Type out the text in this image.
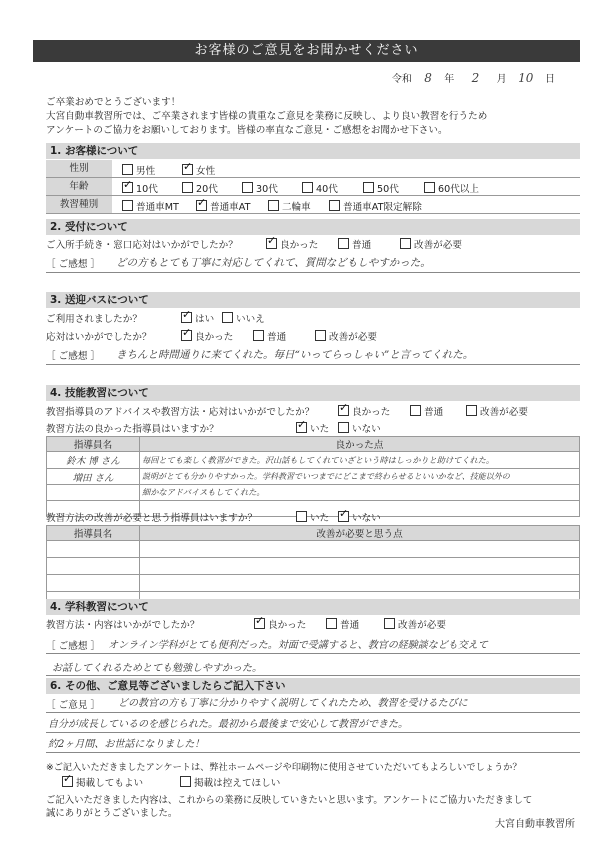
お客様のご意見をお聞かせください
令和 8 年 2 月 10 日
ご卒業おめでとうございます！
大宮自動車教習所では、ご卒業されます皆様の貴重なご意見を業務に反映し、より良い教習を行うため
アンケートのご協力をお願いしております。皆様の率直なご意見・ご感想をお聞かせ下さい。
1. お客様について
性別	男性 ✓	女性
年齢 ✓	10代	20代	30代	40代	50代	60代以上
教習種別	普通車MT ✓	普通車AT	二輪車	普通車AT限定解除
2. 受付について
ご入所手続き・窓口応対はいかがでしたか？ ✓	良かった	普通	改善が必要
［ ご感想 ］ どの方もとても丁寧に対応してくれて、質問などもしやすかった。
3. 送迎バスについて
ご利用されましたか？ ✓	はい	いいえ
応対はいかがでしたか？ ✓	良かった	普通	改善が必要
［ ご感想 ］ きちんと時間通りに来てくれた。毎日“いってらっしゃい”と言ってくれた。
4. 技能教習について
教習指導員のアドバイスや教習方法・応対はいかがでしたか？ ✓	良かった	普通	改善が必要
教習方法の良かった指導員はいますか？ ✓	いた	いない
指導員名	良かった点
鈴木 博 さん	毎回とても楽しく教習ができた。沢山話もしてくれていざという時はしっかりと助けてくれた。
増田 さん	説明がとても分かりやすかった。学科教習でいつまでにどこまで終わらせるといいかなど、技能以外の
	細かなアドバイスもしてくれた。

教習方法の改善が必要と思う指導員はいますか？	いた ✓	いない
指導員名	改善が必要と思う点

4. 学科教習について
教習方法・内容はいかがでしたか？ ✓	良かった	普通	改善が必要
［ ご感想 ］ オンライン学科がとても便利だった。対面で受講すると、教官の経験談なども交えて
お話してくれるためとても勉強しやすかった。
6. その他、ご意見等ございましたらご記入下さい
［ ご意見 ］ どの教官の方も丁寧に分かりやすく説明してくれたため、教習を受けるたびに
自分が成長しているのを感じられた。最初から最後まで安心して教習ができた。
約2ヶ月間、お世話になりました！
※ご記入いただきましたアンケートは、弊社ホームページや印刷物に使用させていただいてもよろしいでしょうか？
✓掲載してもよい	掲載は控えてほしい
ご記入いただきました内容は、これからの業務に反映していきたいと思います。アンケートにご協力いただきまして
誠にありがとうございました。
大宮自動車教習所
